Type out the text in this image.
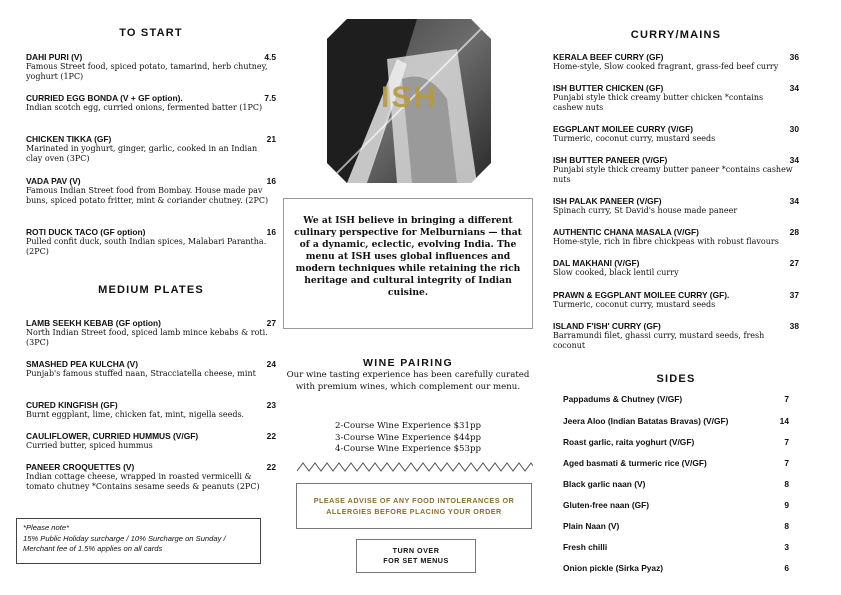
TO START
DAHI PURI (V)	4.5
Famous Street food, spiced potato, tamarind, herb chutney, yoghurt (1PC)
CURRIED EGG BONDA (V + GF option).	7.5
Indian scotch egg, curried onions, fermented batter (1PC)
CHICKEN TIKKA (GF)	21
Marinated in yoghurt, ginger, garlic, cooked in an Indian clay oven (3PC)
VADA PAV (V)	16
Famous Indian Street food from Bombay. House made pav buns, spiced potato fritter, mint & coriander chutney. (2PC)
ROTI DUCK TACO (GF option)	16
Pulled confit duck, south Indian spices, Malabari Parantha. (2PC)
MEDIUM PLATES
LAMB SEEKH KEBAB (GF option)	27
North Indian Street food, spiced lamb mince kebabs & roti. (3PC)
SMASHED PEA KULCHA (V)	24
Punjab's famous stuffed naan, Stracciatella cheese, mint
CURED KINGFISH (GF)	23
Burnt eggplant, lime, chicken fat, mint, nigella seeds.
CAULIFLOWER, CURRIED HUMMUS (V/GF)	22
Curried butter, spiced hummus
PANEER CROQUETTES (V)	22
Indian cottage cheese, wrapped in roasted vermicelli & tomato chutney *Contains sesame seeds & peanuts (2PC)
*Please note*
15% Public Holiday surcharge / 10% Surcharge on Sunday / Merchant fee of 1.5% applies on all cards
ISH
We at ISH believe in bringing a different culinary perspective for Melburnians — that of a dynamic, eclectic, evolving India. The menu at ISH uses global influences and modern techniques while retaining the rich heritage and cultural integrity of Indian cuisine.
WINE PAIRING
Our wine tasting experience has been carefully curated with premium wines, which complement our menu.
2-Course Wine Experience $31pp
3-Course Wine Experience $44pp
4-Course Wine Experience $53pp
PLEASE ADVISE OF ANY FOOD INTOLERANCES OR ALLERGIES BEFORE PLACING YOUR ORDER
TURN OVER
FOR SET MENUS
CURRY/MAINS
KERALA BEEF CURRY (GF)	36
Home-style, Slow cooked fragrant, grass-fed beef curry
ISH BUTTER CHICKEN (GF)	34
Punjabi style thick creamy butter chicken *contains cashew nuts
EGGPLANT MOILEE CURRY (V/GF)	30
Turmeric, coconut curry, mustard seeds
ISH BUTTER PANEER (V/GF)	34
Punjabi style thick creamy butter paneer *contains cashew nuts
ISH PALAK PANEER (V/GF)	34
Spinach curry, St David's house made paneer
AUTHENTIC CHANA MASALA (V/GF)	28
Home-style, rich in fibre chickpeas with robust flavours
DAL MAKHANI (V/GF)	27
Slow cooked, black lentil curry
PRAWN & EGGPLANT MOILEE CURRY (GF).	37
Turmeric, coconut curry, mustard seeds
ISLAND F'ISH' CURRY (GF)	38
Barramundi filet, ghassi curry, mustard seeds, fresh coconut
SIDES
Pappadums & Chutney (V/GF)	7
Jeera Aloo (Indian Batatas Bravas) (V/GF)	14
Roast garlic, raita yoghurt (V/GF)	7
Aged basmati & turmeric rice (V/GF)	7
Black garlic naan (V)	8
Gluten-free naan (GF)	9
Plain Naan (V)	8
Fresh chilli	3
Onion pickle (Sirka Pyaz)	6
